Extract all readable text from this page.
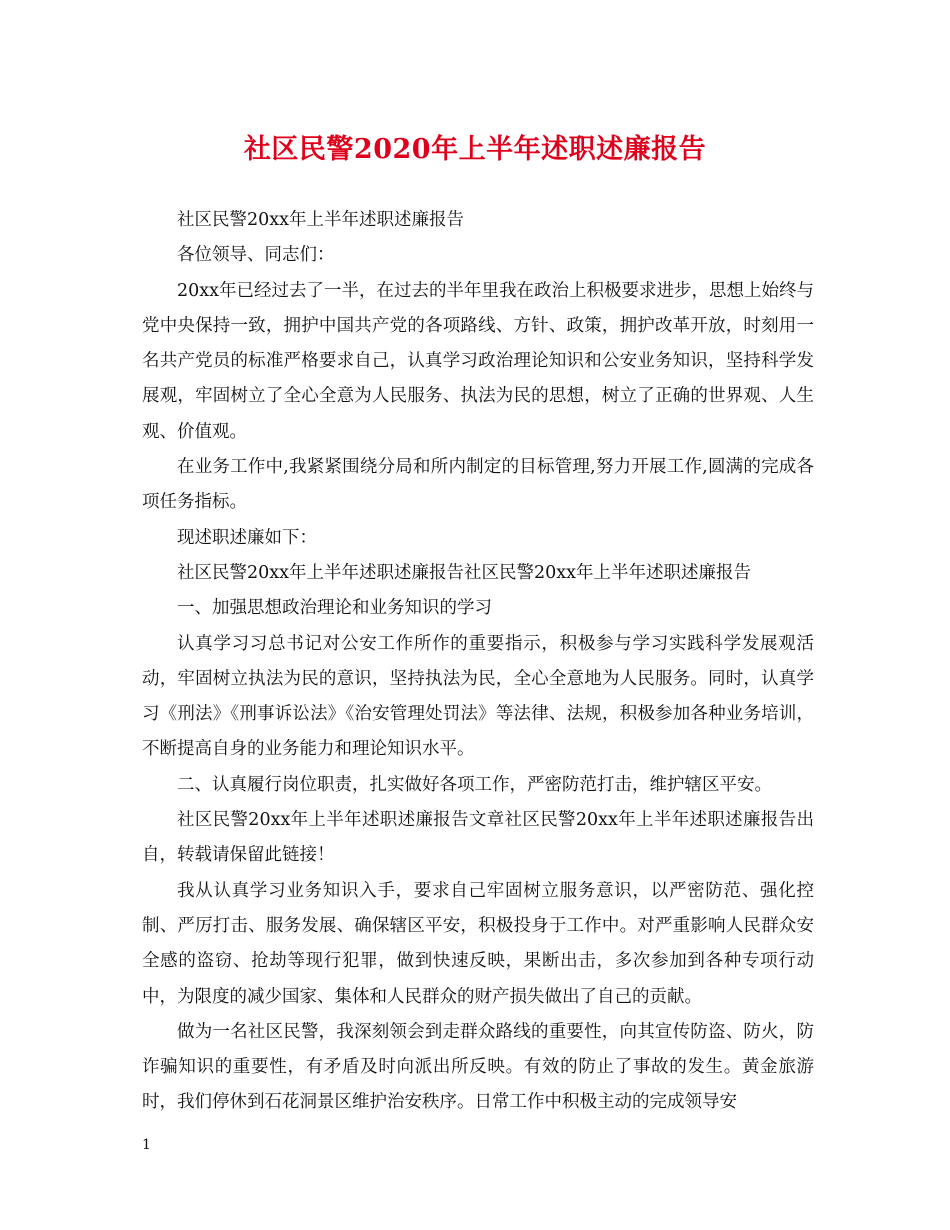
社区民警2020年上半年述职述廉报告

社区民警20xx年上半年述职述廉报告

各位领导、同志们：

20xx年已经过去了一半，在过去的半年里我在政治上积极要求进步，思想上始终与党中央保持一致，拥护中国共产党的各项路线、方针、政策，拥护改革开放，时刻用一名共产党员的标准严格要求自己，认真学习政治理论知识和公安业务知识，坚持科学发展观，牢固树立了全心全意为人民服务、执法为民的思想，树立了正确的世界观、人生观、价值观。

在业务工作中,我紧紧围绕分局和所内制定的目标管理,努力开展工作,圆满的完成各项任务指标。

现述职述廉如下：

社区民警20xx年上半年述职述廉报告社区民警20xx年上半年述职述廉报告

一、加强思想政治理论和业务知识的学习

认真学习习总书记对公安工作所作的重要指示，积极参与学习实践科学发展观活动，牢固树立执法为民的意识，坚持执法为民，全心全意地为人民服务。同时，认真学习《刑法》《刑事诉讼法》《治安管理处罚法》等法律、法规，积极参加各种业务培训，不断提高自身的业务能力和理论知识水平。

二、认真履行岗位职责，扎实做好各项工作，严密防范打击，维护辖区平安。

社区民警20xx年上半年述职述廉报告文章社区民警20xx年上半年述职述廉报告出自，转载请保留此链接！

我从认真学习业务知识入手，要求自己牢固树立服务意识，以严密防范、强化控制、严厉打击、服务发展、确保辖区平安，积极投身于工作中。对严重影响人民群众安全感的盗窃、抢劫等现行犯罪，做到快速反映，果断出击，多次参加到各种专项行动中，为限度的减少国家、集体和人民群众的财产损失做出了自己的贡献。

做为一名社区民警，我深刻领会到走群众路线的重要性，向其宣传防盗、防火，防诈骗知识的重要性，有矛盾及时向派出所反映。有效的防止了事故的发生。黄金旅游时，我们停休到石花洞景区维护治安秩序。日常工作中积极主动的完成领导安

1
